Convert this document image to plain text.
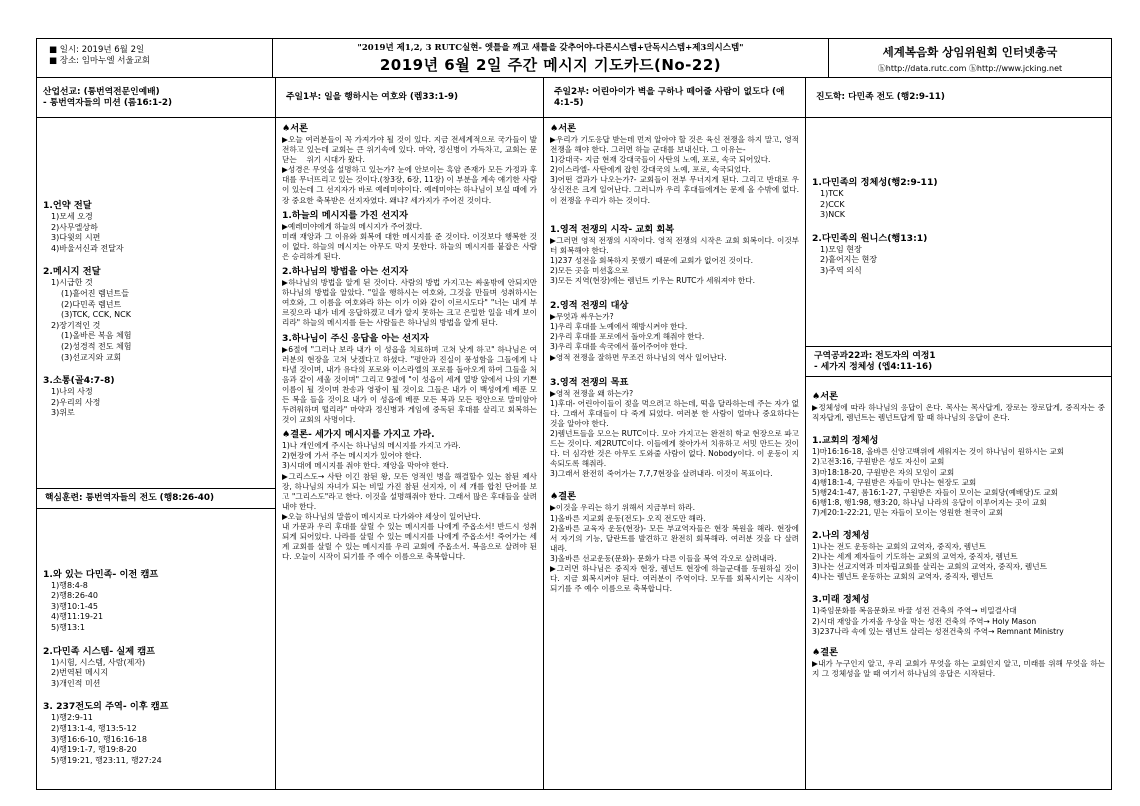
■ 일시: 2019년 6월 2일
■ 장소: 임마누엘 서울교회
"2019년 제1,2, 3 RUTC실현- 엣틀을 깨고 새틀을 갖추어야-다른시스템+단독시스템+제3의시스템"
2019년 6월 2일 주간 메시지 기도카드(No-22)
세계복음화 상임위원회 인터넷총국
ⓗhttp://data.rutc.com ⓗhttp://www.jcking.net
산업선교: (통번역전문인예배)
- 통번역자들의 미션 (롬16:1-2)
1.언약 전달
1)모세 오경
2)사무엘상하
3)다윗의 시편
4)바울서신과 전달자
2.메시지 전달
1)시급한 것
(1)흩어진 렘넌트들
(2)다민족 렘넌트
(3)TCK, CCK, NCK
2)장기적인 것
(1)올바른 복음 체험
(2)성경적 전도 체험
(3)선교지와 교회
3.소통(골4:7-8)
1)나의 사정
2)우리의 사정
3)위로
핵심훈련: 통번역자들의 전도 (행8:26-40)
1.와 있는 다민족- 이전 캠프
1)행8:4-8
2)행8:26-40
3)행10:1-45
4)행11:19-21
5)행13:1
2.다민족 시스템- 실제 캠프
1)시험, 시스템, 사람(제자)
2)번역된 메시지
3)개인적 미션
3. 237전도의 주역- 이후 캠프
1)행2:9-11
2)행13:1-4, 행13:5-12
3)행16:6-10, 행16:16-18
4)행19:1-7, 행19:8-20
5)행19:21, 행23:11, 행27:24
주일1부: 일을 행하시는 여호와 (렘33:1-9)
♠서론
▶오늘 여러분들이 꼭 가져가야 될 것이 있다. 지금 전세계적으로 국가들이 발전하고 있는데 교회는 큰 위기속에 있다. 마약, 정신병이 가득차고, 교회는 문 닫는    위기 시대가 왔다.
▶성경은 무엇을 설명하고 있는가? 눈에 안보이는 흑암 존재가 모든 가정과 후대를 무너뜨리고 있는 것이다.(창3장, 6장, 11장) 이 부분을 계속 얘기한 사람이 있는데 그 선지자가 바로 예레미야이다. 예레미야는 하나님이 보실 때에 가장 중요한 축복받은 선지자였다. 왜냐? 세가지가 주어진 것이다.
1.하늘의 메시지를 가진 선지자
▶예레미야에게 하늘의 메시지가 주어졌다.
미래 재앙과 그 이유와 회복에 대한 메시지를 준 것이다. 이것보다 행복한 것이 없다. 하늘의 메시지는 아무도 막지 못한다. 하늘의 메시지를 붙잡은 사람은 승리하게 된다.
2.하나님의 방법을 아는 선지자
▶하나님의 방법을 알게 된 것이다. 사람의 방법 가지고는 싸움밖에 안되지만 하나님의 방법을 알았다. "일을 행하시는 여호와, 그것을 만들며 성취하시는 여호와, 그 이름을 여호와라 하는 이가 이와 같이 이르시도다" "너는 내게 부르짖으라 내가 네게 응답하겠고 네가 알지 못하는 크고 은밀한 일을 네게 보이리라" 하늘의 메시지를 듣는 사람들은 하나님의 방법을 알게 된다.
3.하나님이 주신 응답을 아는 선지자
▶6절에 "그러나 보라 내가 이 성읍을 치료하며 고쳐 낫게 하고" 하나님은 여러분의 현장을 고쳐 낫겠다고 하셨다. "평안과 진실이 풍성함을 그들에게 나타낼 것이며, 내가 유다의 포로와 이스라엘의 포로를 돌아오게 하여 그들을 처음과 같이 세울 것이며" 그리고 9절에 "이 성읍이 세계 열방 앞에서 나의 기쁜 이름이 될 것이며 찬송과 영광이 될 것이요 그들은 내가 이 백성에게 베푼 모든 복을 들을 것이요 내가 이 성읍에 베푼 모든 복과 모든 평안으로 말미암아 두려워하며 떨리라" 마약과 정신병과 게임에 중독된 후대를 살리고 회복하는 것이 교회의 사명이다.
♠결론- 세가지 메시지를 가지고 가라.
1)나 개인에게 주시는 하나님의 메시지를 가지고 가라.
2)현장에 가서 주는 메시지가 있어야 한다.
3)시대에 메시지를 줘야 한다. 재앙을 막아야 한다.
▶그리스도→ 사탄 이긴 참된 왕, 모든 영적인 병을 해결할수 있는 참된 제사장, 하나님의 자녀가 되는 비밀 가진 참된 선지자, 이 세 개를 합친 단어를 보고 "그리스도"라고 한다. 이것을 설명해줘야 한다. 그래서 많은 후대들을 살려내야 한다.
▶오늘 하나님의 말씀이 메시지로 다가와야 세상이 일어난다.
내 가문과 우리 후대를 살릴 수 있는 메시지를 나에게 주옵소서! 반드시 성취되게 되어있다. 나라를 살릴 수 있는 메시지를 나에게 주옵소서! 죽어가는 세계 교회를 살릴 수 있는 메시지를 우리 교회에 주옵소서. 복음으로 살려야 된다. 오늘이 시작이 되기를 주 예수 이름으로 축복합니다.
주일2부: 어린아이가 벽을 구하나 떼어줄 사람이 없도다 (애4:1-5)
♠서론
▶우리가 기도응답 받는데 먼저 알아야 할 것은 육신 전쟁을 하지 말고, 영적 전쟁을 해야 한다. 그러면 하늘 군대를 보내신다. 그 이유는-
1)강대국- 지금 현재 강대국들이 사탄의 노예, 포로, 속국 되어있다.
2)이스라엘- 사탄에게 잡힌 강대국의 노예, 포로, 속국되었다.
3)어떤 결과가 나오는가?- 교회들이 전부 무너지게 된다. 그리고 반대로 우상신전은 크게 일어난다. 그러니까 우리 후대들에게는 문제 올 수밖에 없다. 이 전쟁을 우리가 하는 것이다.
1.영적 전쟁의 시작- 교회 회복
▶그러면 영적 전쟁의 시작이다. 영적 전쟁의 시작은 교회 회복이다. 이것부터 회복해야 한다.
1)237 성전을 회복하지 못했기 때문에 교회가 없어진 것이다.
2)모든 곳을 미션홈으로
3)모든 지역(현장)에는 렘넌트 키우는 RUTC가 세워져야 한다.
2.영적 전쟁의 대상
▶무엇과 싸우는가?
1)우리 후대를 노예에서 해방시켜야 한다.
2)우리 후대를 포로에서 돌아오게 해줘야 한다.
3)우리 후대를 속국에서 풀어주어야 한다.
▶영적 전쟁을 잘하면 무조건 하나님의 역사 일어난다.
3.영적 전쟁의 목표
▶영적 전쟁을 왜 하는가?
1)후대- 어린아이들이 젖을 먹으려고 하는데, 떡을 달라하는데 주는 자가 없다. 그래서 후대들이 다 죽게 되었다. 여러분 한 사람이 얼마나 중요하다는 것을 알아야 한다.
2)렘넌트들을 모으는 RUTC이다. 모아 가지고는 완전히 학교 현장으로 파고 드는 것이다. 제2RUTC이다. 이들에게 찾아가서 치유하고 서밋 만드는 것이다. 더 심각한 것은 아무도 도와줄 사람이 없다. Nobody이다. 이 운동이 지속되도록 해줘라.
3)그래서 완전히 죽어가는 7,7,7현장을 살려내라. 이것이 목표이다.
♠결론
▶이것을 우리는 하기 위해서 지금부터 하라.
1)올바른 지교회 운동(전도)- 오직 전도만 해라.
2)올바른 교육자 운동(현장)- 모든 부교역자들은 현장 복원을 해라. 현장에서 자기의 기능, 달란트를 발견하고 완전히 회복해라. 여러분 것을 다 살려내라.
3)올바른 선교운동(문화)- 문화가 다른 이들을 복역 각오로 살려내라.
▶그러면 하나님은 중직자 현장, 렘넌트 현장에 하늘군대를 동원하실 것이다. 지금 회복시켜야 된다. 여러분이 주역이다. 모두를 회복시키는 시작이 되기를 주 예수 이름으로 축복합니다.
진도학: 다민족 전도 (행2:9-11)
1.다민족의 정체성(행2:9-11)
1)TCK
2)CCK
3)NCK
2.다민족의 원니스(행13:1)
1)모임 현장
2)흩어지는 현장
3)주역 의식
구역공과22과: 전도자의 여정1
- 세가지 정체성 (엡4:11-16)
♠서론
▶정체성에 따라 하나님의 응답이 온다. 목사는 목사답게, 장로는 장로답게, 중직자는 중직자답게, 렘넌트는 렘넌트답게 할 때 하나님의 응답이 온다.
1.교회의 정체성
1)마16:16-18, 올바른 신앙고백위에 세워지는 것이 하나님이 원하시는 교회
2)고전3:16, 구원받은 성도 자신이 교회
3)마18:18-20, 구원받은 자의 모임이 교회
4)행18:1-4, 구원받은 자들이 만나는 현장도 교회
5)행24:1-47, 롬16:1-27, 구원받은 자들이 모이는 교회당(예배당)도 교회
6)행1:8, 행1:98, 행3:20, 하나님 나라의 응답이 이루어지는 곳이 교회
7)계20:1-22:21, 믿는 자들이 모이는 영원한 천국이 교회
2.나의 정체성
1)나는 전도 운동하는 교회의 교역자, 중직자, 렘넌트
2)나는 세계 제자들이 기도하는 교회의 교역자, 중직자, 렘넌트
3)나는 선교지역과 미자립교회를 살리는 교회의 교역자, 중직자, 렘넌트
4)나는 렘넌트 운동하는 교회의 교역자, 중직자, 렘넌트
3.미래 정체성
1)죽임문화를 복음문화로 바꿀 성전 건축의 주역→ 비밀결사대
2)시대 재앙을 가져올 우상을 막는 성전 건축의 주역→ Holy Mason
3)237나라 속에 있는 렘넌트 살리는 성전건축의 주역→ Remnant Ministry
♠결론
▶내가 누구인지 알고, 우리 교회가 무엇을 하는 교회인지 알고, 미래를 위해 무엇을 하는지 그 정체성을 알 때 여기서 하나님의 응답은 시작된다.
